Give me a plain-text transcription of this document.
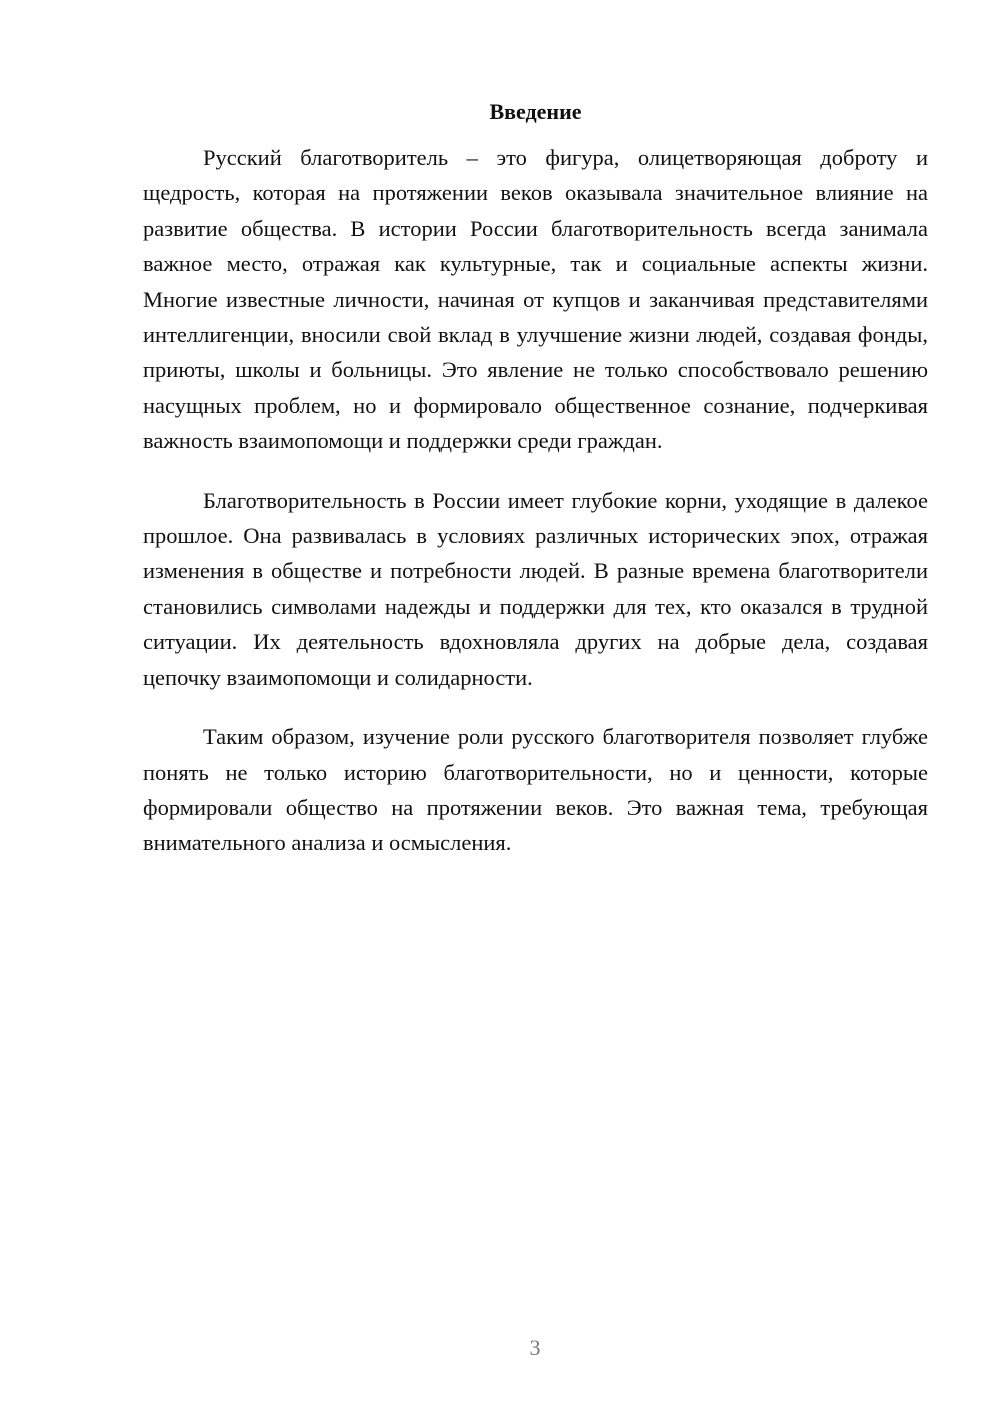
Введение

Русский благотворитель – это фигура, олицетворяющая доброту и щедрость, которая на протяжении веков оказывала значительное влияние на развитие общества. В истории России благотворительность всегда занимала важное место, отражая как культурные, так и социальные аспекты жизни. Многие известные личности, начиная от купцов и заканчивая представителями интеллигенции, вносили свой вклад в улучшение жизни людей, создавая фонды, приюты, школы и больницы. Это явление не только способствовало решению насущных проблем, но и формировало общественное сознание, подчеркивая важность взаимопомощи и поддержки среди граждан.

Благотворительность в России имеет глубокие корни, уходящие в далекое прошлое. Она развивалась в условиях различных исторических эпох, отражая изменения в обществе и потребности людей. В разные времена благотворители становились символами надежды и поддержки для тех, кто оказался в трудной ситуации. Их деятельность вдохновляла других на добрые дела, создавая цепочку взаимопомощи и солидарности.

Таким образом, изучение роли русского благотворителя позволяет глубже понять не только историю благотворительности, но и ценности, которые формировали общество на протяжении веков. Это важная тема, требующая внимательного анализа и осмысления.

3
